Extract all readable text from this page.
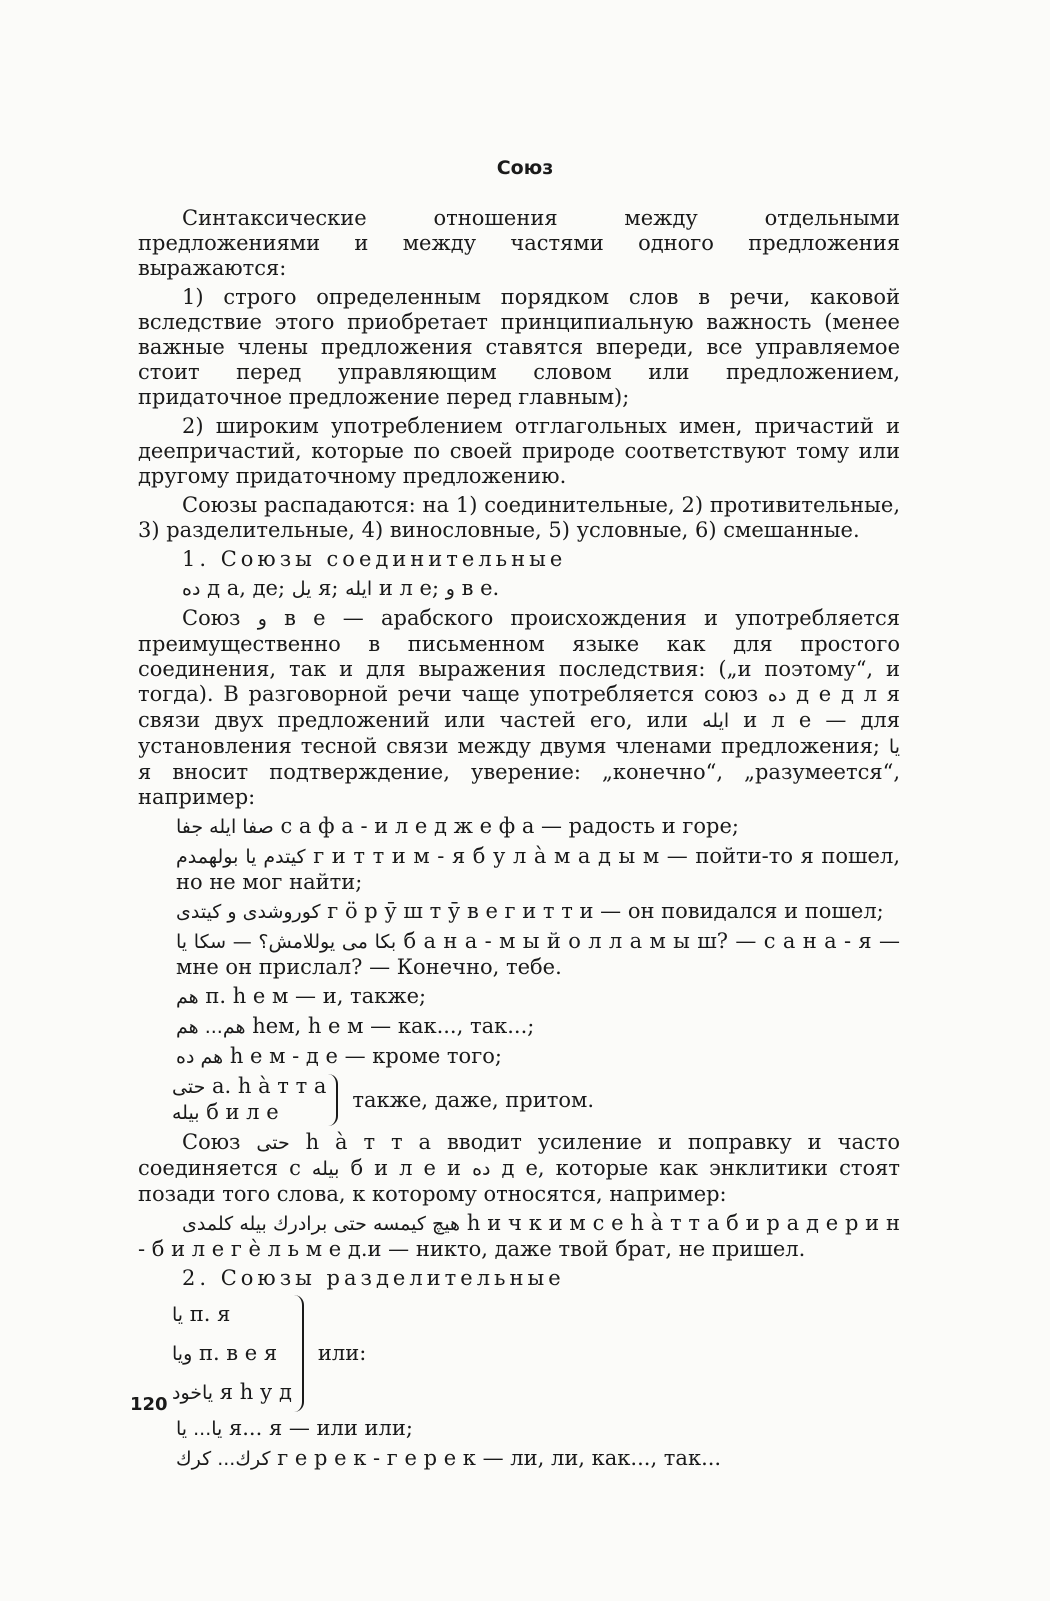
Союз

Синтаксические отношения между отдельными предложениями и между частями одного предложения выражаются:

1) строго определенным порядком слов в речи, каковой вследствие этого приобретает принципиальную важность (менее важные члены предложения ставятся впереди, все управляемое стоит перед управляющим словом или предложением, придаточное предложение перед главным);

2) широким употреблением отглагольных имен, причастий и деепричастий, которые по своей природе соответствуют тому или другому придаточному предложению.

Союзы распадаются: на 1) соединительные, 2) противительные, 3) разделительные, 4) винословные, 5) условные, 6) смешанные.

1. Союзы соединительные

ده д а, де; يل я; ايله и л е; و в е.

Союз و в е — арабского происхождения и употребляется преимущественно в письменном языке как для простого соединения, так и для выражения последствия: („и поэтому“, и тогда). В разговорной речи чаще употребляется союз ده д е д л я связи двух предложений или частей его, или ايله и л е — для установления тесной связи между двумя членами предложения; يا я вносит подтверждение, уверение: „конечно“, „разумеется“, например:

صفا ايله جفا с а ф а - и л е д ж е ф а — радость и горе;

كيتدم يا بولهمدم г и т т и м - я б у л а̀ м а д ы м — пойти-то я пошел, но не мог найти;

كوروشدى و كيتدى г ö р ӯ ш т ӯ в е г и т т и — он повидался и пошел;

بكا مى يوللامش؟ — سكا يا б а н а - м ы й о л л а м ы ш? — с а н а - я — мне он прислал? — Конечно, тебе.

هم п. h е м — и, также;

هم... هم hем, h е м — как..., так...;

هم ده h е м - д е — кроме того;

حتى а. h а̀ т т а
بيله б и л е
также, даже, притом.

Союз حتى h а̀ т т а вводит усиление и поправку и часто соединяется с بيله б и л е и ده д е, которые как энклитики стоят позади того слова, к которому относятся, например:

هيچ كيمسه حتى برادرك بيله كلمدى h и ч к и м с е h а̀ т т а б и р а д е р и н - б и л е г ѐ л ь м е д.и — никто, даже твой брат, не пришел.

2. Союзы разделительные

يا п. я
ويا п. в е я
ياخود я h у д
или:

يا... يا я... я — или или;

كرك... كرك г е р е к - г е р е к — ли, ли, как..., так...

120
